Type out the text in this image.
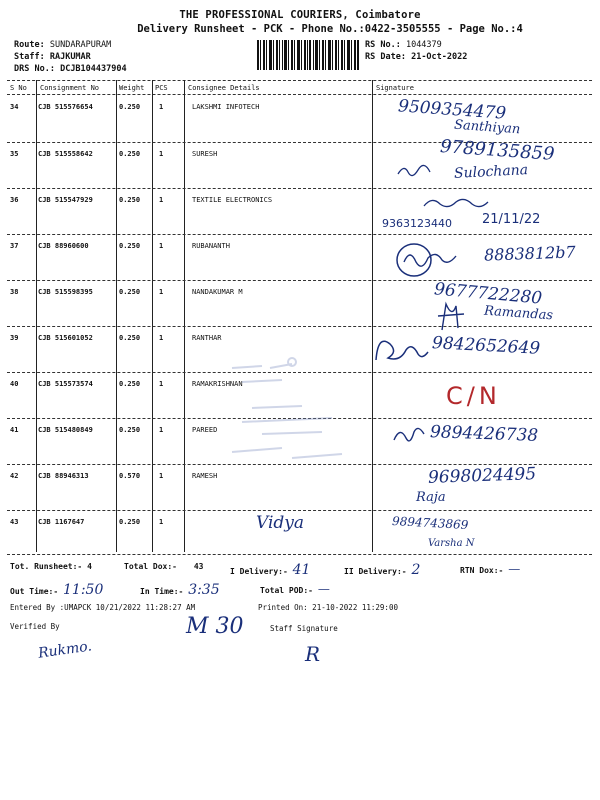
THE PROFESSIONAL COURIERS, Coimbatore
Delivery Runsheet - PCK - Phone No.:0422-3505555 - Page No.:4
Route: SUNDARAPURAM
Staff: RAJKUMAR
DRS No.: DCJB104437904
RS No.: 1044379
RS Date: 21-Oct-2022
S No Consignment No	Weight PCS	Consignee Details	Signature
34	CJB 515576654	0.250	1	LAKSHMI INFOTECH	9509354479
Santhiyan
35	CJB 515558642	0.250	1	SURESH	9789135859
Sulochana
36	CJB 515547929	0.250	1	TEXTILE ELECTRONICS
9363123440 21/11/22
37	CJB 88960600	0.250	1	RUBANANTH	8883812b7
38	CJB 515598395	0.250	1	NANDAKUMAR M	9677722280
Ramandas
39	CJB 515601052	0.250	1	RANTHAR	9842652649
40	CJB 515573574	0.250	1	RAMAKRISHNAN	C/N
41	CJB 515480849	0.250	1	PAREED	9894426738
42	CJB 88946313	0.570	1	RAMESH	9698024495
Raja
43	CJB 1167647	0.250	1	Vidya	9894743869
Varsha N
Tot. Runsheet:- 4	Total Dox:- 43
I Delivery:- 41	II Delivery:- 2	RTN Dox:- —
Out Time:- 11:50	In Time:- 3:35	Total POD:- —
Entered By :UMAPCK 10/21/2022 11:28:27 AM	Printed On: 21-10-2022 11:29:00
Verified By
Rukmo.
M 30	Staff Signature
R
